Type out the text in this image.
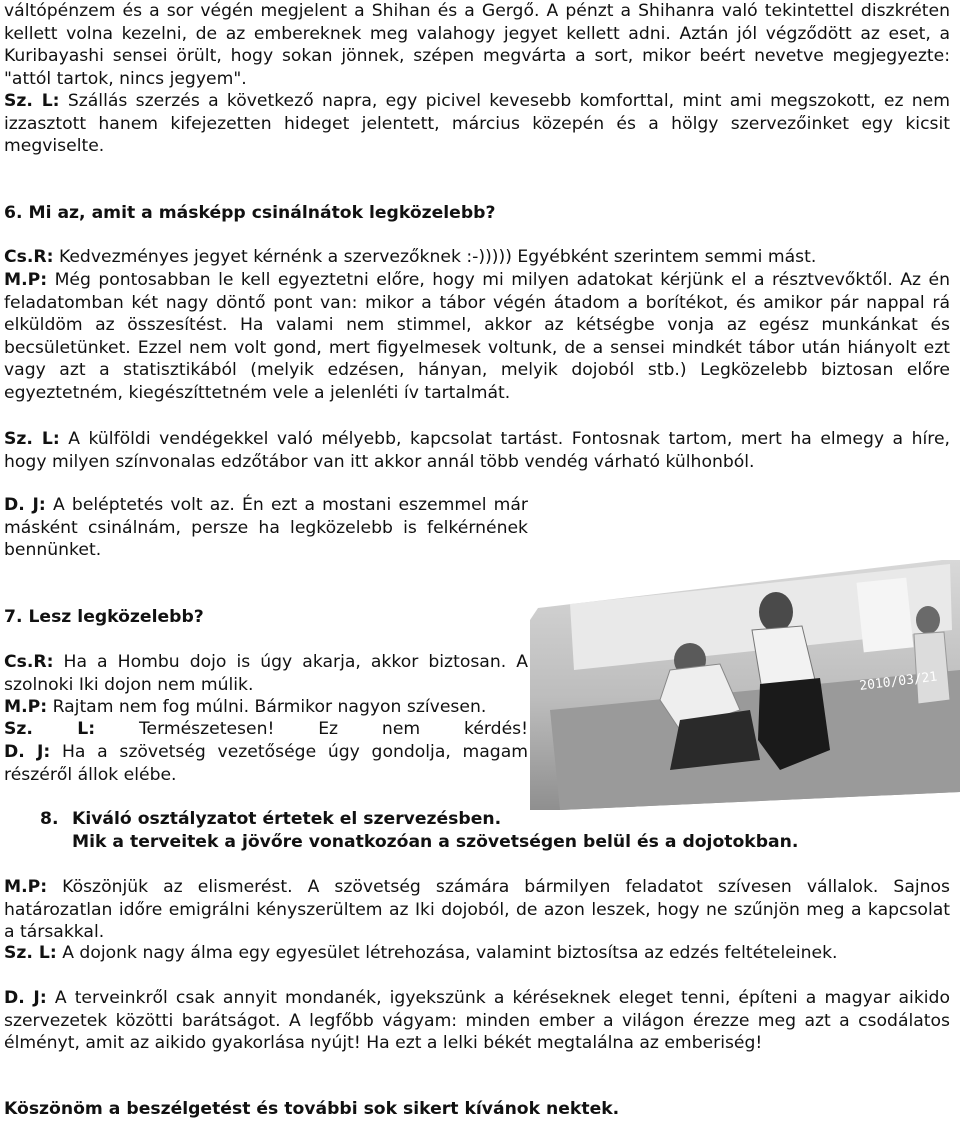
váltópénzem és a sor végén megjelent a Shihan és a Gergő. A pénzt a Shihanra való tekintettel diszkréten kellett volna kezelni, de az embereknek meg valahogy jegyet kellett adni. Aztán jól végződött az eset, a Kuribayashi sensei örült, hogy sokan jönnek, szépen megvárta a sort, mikor beért nevetve megjegyezte: "attól tartok, nincs jegyem".
Sz. L: Szállás szerzés a következő napra, egy picivel kevesebb komforttal, mint ami megszokott, ez nem izzasztott hanem kifejezetten hideget jelentett, március közepén és a hölgy szervezőinket egy kicsit megviselte.
6. Mi az, amit a másképp csinálnátok legközelebb?
Cs.R: Kedvezményes jegyet kérnénk a szervezőknek :-))))) Egyébként szerintem semmi mást.
M.P: Még pontosabban le kell egyeztetni előre, hogy mi milyen adatokat kérjünk el a résztvevőktől. Az én feladatomban két nagy döntő pont van: mikor a tábor végén átadom a borítékot, és amikor pár nappal rá elküldöm az összesítést. Ha valami nem stimmel, akkor az kétségbe vonja az egész munkánkat és becsületünket. Ezzel nem volt gond, mert figyelmesek voltunk, de a sensei mindkét tábor után hiányolt ezt vagy azt a statisztikából (melyik edzésen, hányan, melyik dojoból stb.) Legközelebb biztosan előre egyeztetném, kiegészíttetném vele a jelenléti ív tartalmát.
Sz. L: A külföldi vendégekkel való mélyebb, kapcsolat tartást. Fontosnak tartom, mert ha elmegy a híre, hogy milyen színvonalas edzőtábor van itt akkor annál több vendég várható külhonból.
D. J: A beléptetés volt az. Én ezt a mostani eszemmel már másként csinálnám, persze ha legközelebb is felkérnének bennünket.
7. Lesz legközelebb?
Cs.R: Ha a Hombu dojo is úgy akarja, akkor biztosan. A szolnoki Iki dojon nem múlik.
M.P: Rajtam nem fog múlni. Bármikor nagyon szívesen.
Sz. L: Természetesen! Ez nem kérdés!
D. J: Ha a szövetség vezetősége úgy gondolja, magam részéről állok elébe.
8. Kiváló osztályzatot értetek el szervezésben.
Mik a terveitek a jövőre vonatkozóan a szövetségen belül és a dojotokban.
M.P: Köszönjük az elismerést. A szövetség számára bármilyen feladatot szívesen vállalok. Sajnos határozatlan időre emigrálni kényszerültem az Iki dojoból, de azon leszek, hogy ne szűnjön meg a kapcsolat a társakkal.
Sz. L: A dojonk nagy álma egy egyesület létrehozása, valamint biztosítsa az edzés feltételeinek.
D. J: A terveinkről csak annyit mondanék, igyekszünk a kéréseknek eleget tenni, építeni a magyar aikido szervezetek közötti barátságot. A legfőbb vágyam: minden ember a világon érezze meg azt a csodálatos élményt, amit az aikido gyakorlása nyújt! Ha ezt a lelki békét megtalálna az emberiség!
Köszönöm a beszélgetést és további sok sikert kívánok nektek.
2010/03/21
